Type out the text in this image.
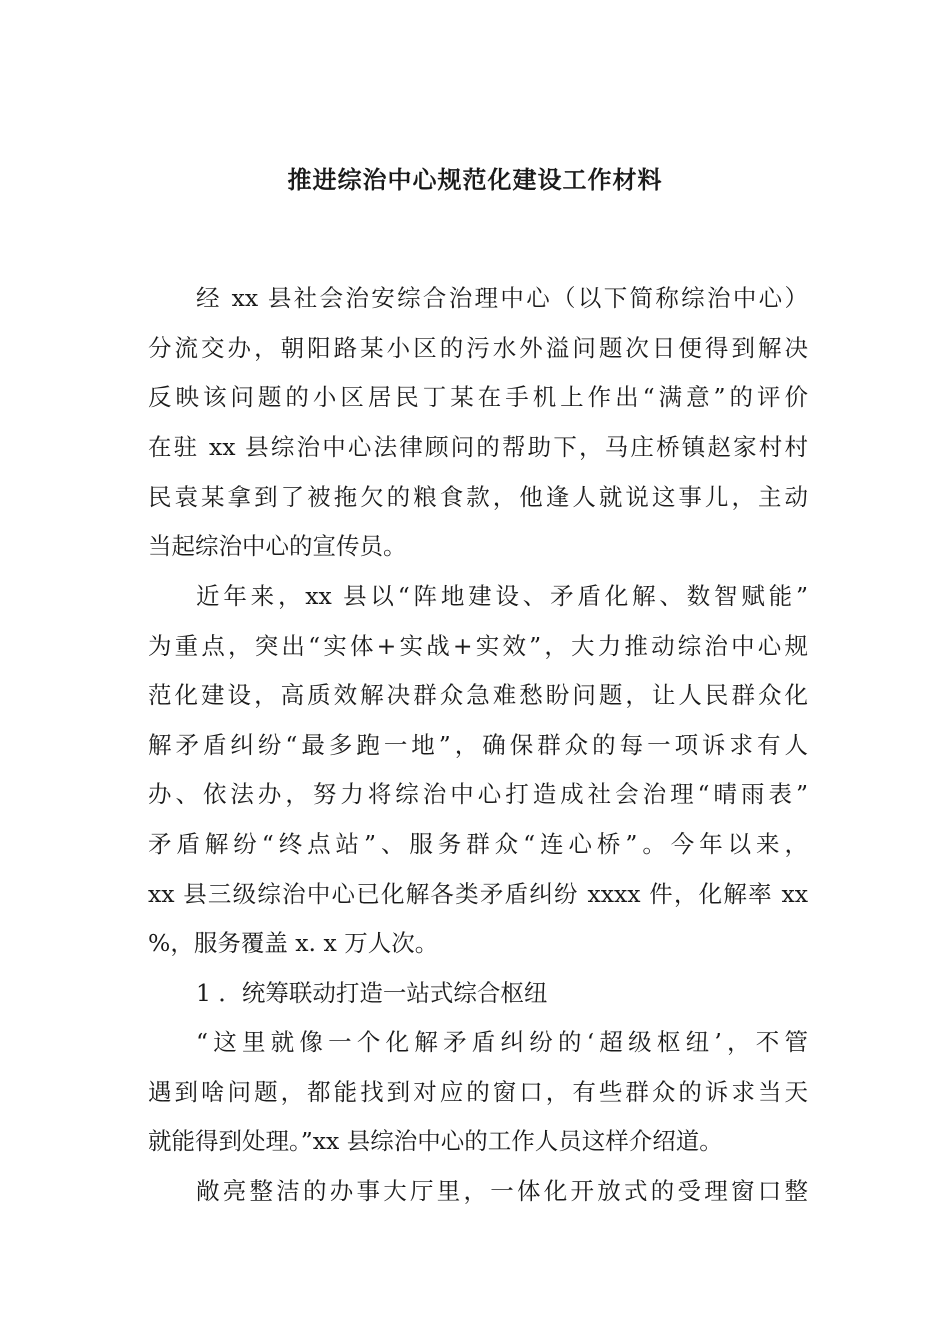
推进综治中心规范化建设工作材料
经 xx 县社会治安综合治理中心（以下简称综治中心）
分流交办，朝阳路某小区的污水外溢问题次日便得到解决
反映该问题的小区居民丁某在手机上作出“满意”的评价
在驻 xx 县综治中心法律顾问的帮助下，马庄桥镇赵家村村
民袁某拿到了被拖欠的粮食款，他逢人就说这事儿，主动
当起综治中心的宣传员。
近年来，xx 县以“阵地建设、矛盾化解、数智赋能”
为重点，突出“实体+实战+实效”，大力推动综治中心规
范化建设，高质效解决群众急难愁盼问题，让人民群众化
解矛盾纠纷“最多跑一地”，确保群众的每一项诉求有人
办、依法办，努力将综治中心打造成社会治理“晴雨表”
矛盾解纷“终点站”、服务群众“连心桥”。今年以来，
xx 县三级综治中心已化解各类矛盾纠纷 xxxx 件，化解率 xx
%，服务覆盖 x. x 万人次。
1 ．统筹联动打造一站式综合枢纽
“这里就像一个化解矛盾纠纷的‘超级枢纽’，不管
遇到啥问题，都能找到对应的窗口，有些群众的诉求当天
就能得到处理。”xx 县综治中心的工作人员这样介绍道。
敞亮整洁的办事大厅里，一体化开放式的受理窗口整
